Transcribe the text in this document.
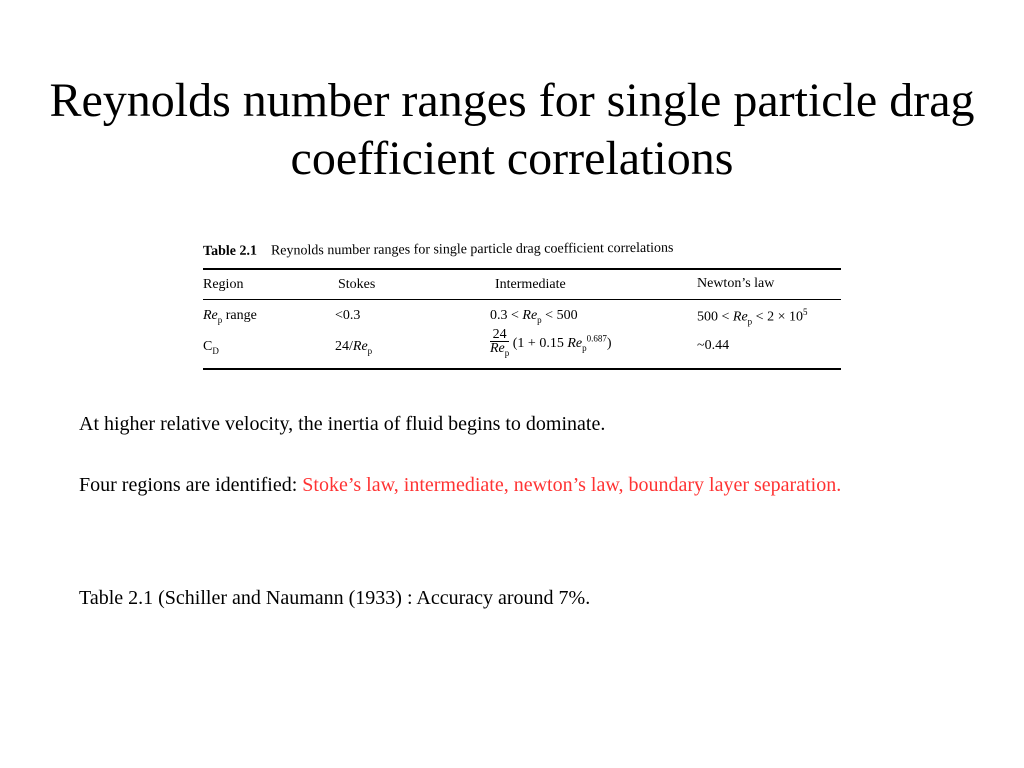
Reynolds number ranges for single particle drag coefficient correlations
Table 2.1 Reynolds number ranges for single particle drag coefficient correlations
Region	Stokes	Intermediate	Newton’s law
$Re_p$ range	<0.3	$0.3 < Re_p < 500$	$500 < Re_p < 2 \times 10^5$
$C_D$	$24/Re_p$	$\frac{24}{Re_p} (1 + 0.15$ $Re_p^{0.687}$)	~0.44

At higher relative velocity, the inertia of fluid begins to dominate.

Four regions are identified: Stoke’s law, intermediate, newton’s law, boundary layer separation.

Table 2.1 (Schiller and Naumann (1933) : Accuracy around 7%.
